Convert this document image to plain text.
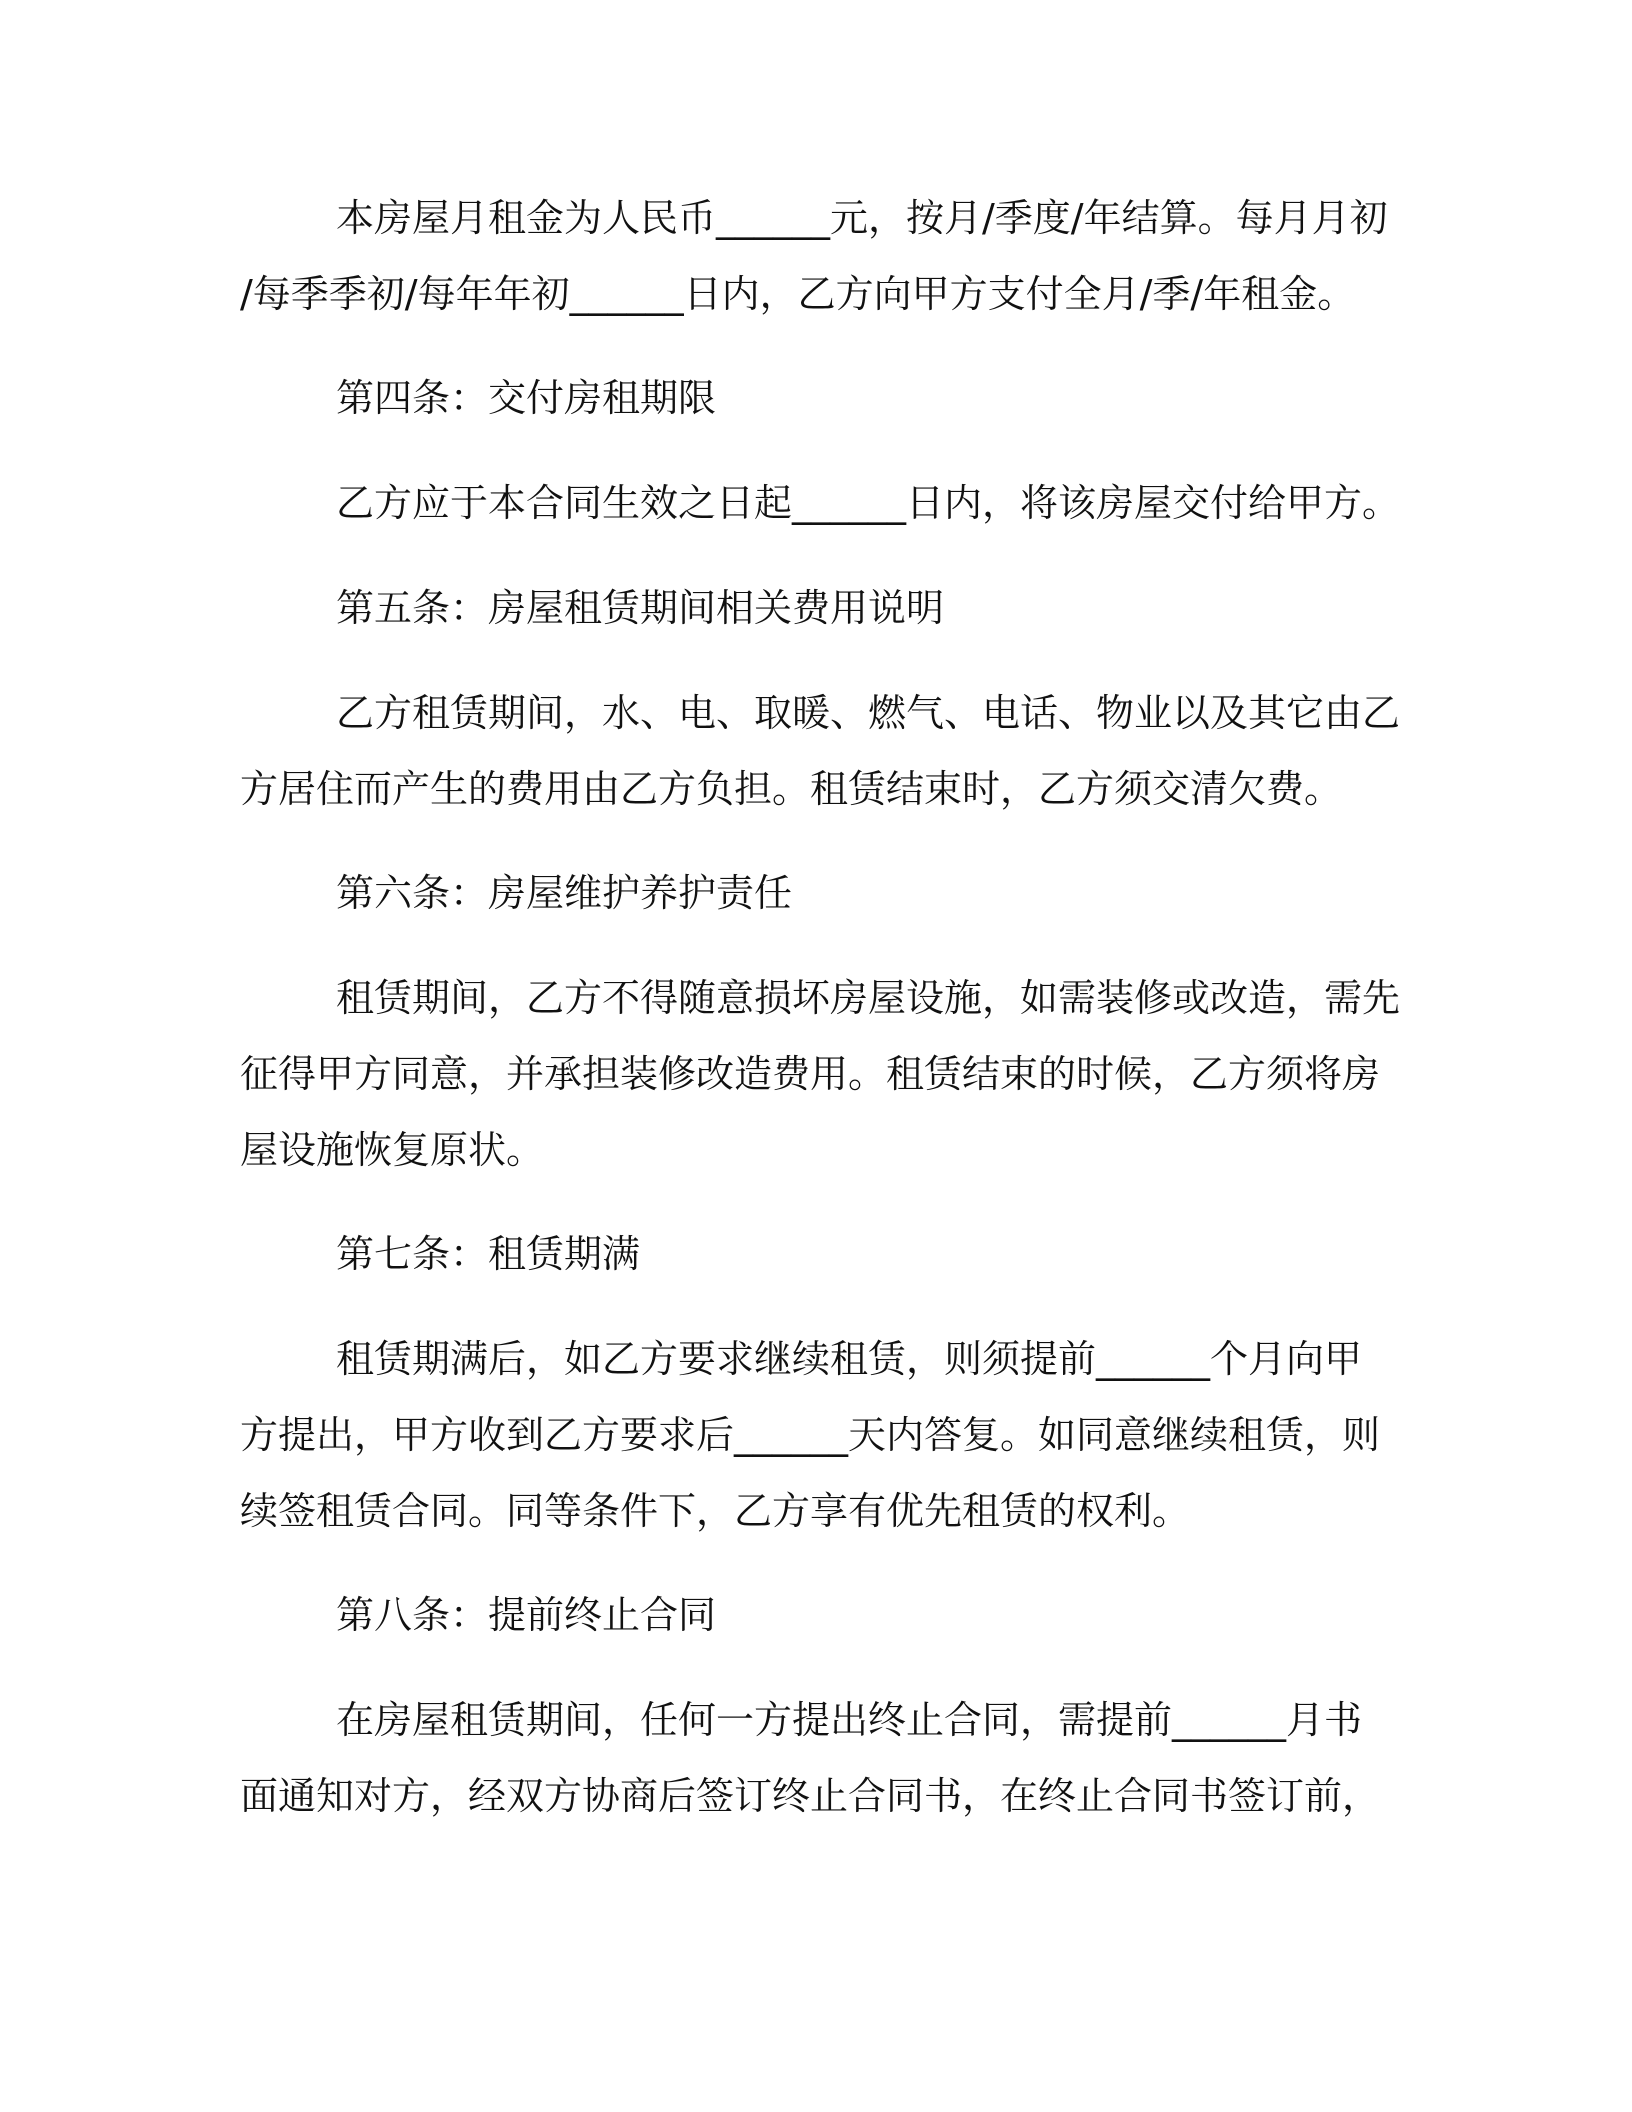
本房屋月租金为人民币______元，按月/季度/年结算。每月月初
/每季季初/每年年初______日内，乙方向甲方支付全月/季/年租金。
第四条：交付房租期限
乙方应于本合同生效之日起______日内，将该房屋交付给甲方。
第五条：房屋租赁期间相关费用说明
乙方租赁期间，水、电、取暖、燃气、电话、物业以及其它由乙
方居住而产生的费用由乙方负担。租赁结束时，乙方须交清欠费。
第六条：房屋维护养护责任
租赁期间，乙方不得随意损坏房屋设施，如需装修或改造，需先
征得甲方同意，并承担装修改造费用。租赁结束的时候，乙方须将房
屋设施恢复原状。
第七条：租赁期满
租赁期满后，如乙方要求继续租赁，则须提前______个月向甲
方提出，甲方收到乙方要求后______天内答复。如同意继续租赁，则
续签租赁合同。同等条件下，乙方享有优先租赁的权利。
第八条：提前终止合同
在房屋租赁期间，任何一方提出终止合同，需提前______月书
面通知对方，经双方协商后签订终止合同书，在终止合同书签订前，
